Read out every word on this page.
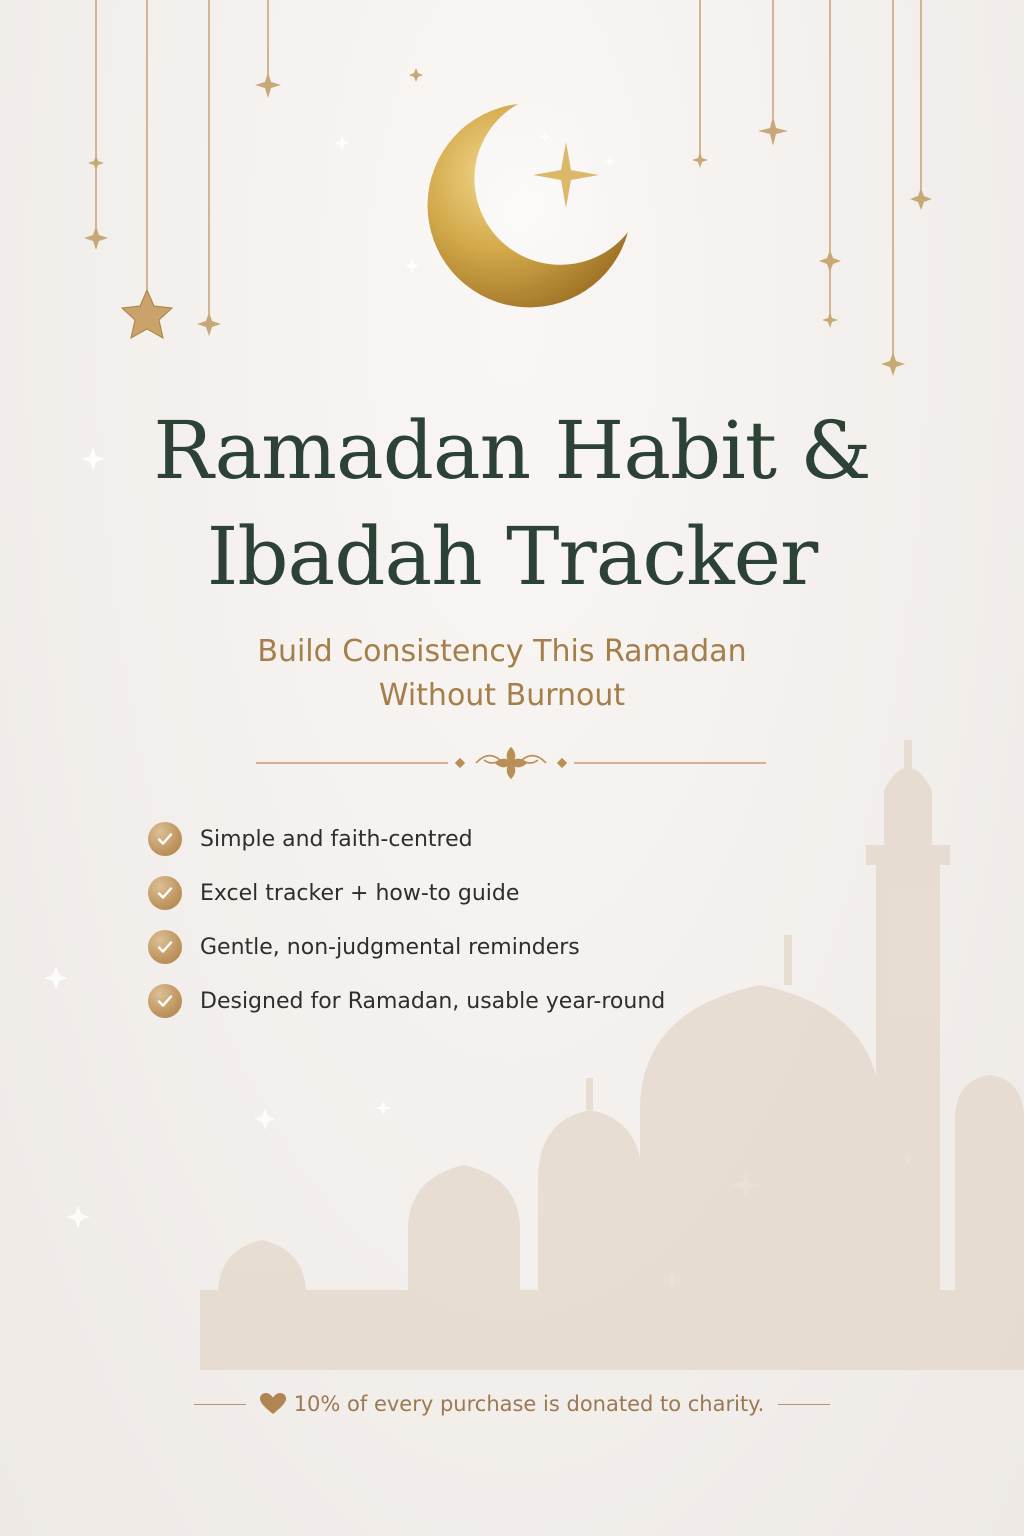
Ramadan Habit &
Ibadah Tracker
Build Consistency This Ramadan
Without Burnout
Simple and faith-centred
Excel tracker + how-to guide
Gentle, non-judgmental reminders
Designed for Ramadan, usable year-round
10% of every purchase is donated to charity.
